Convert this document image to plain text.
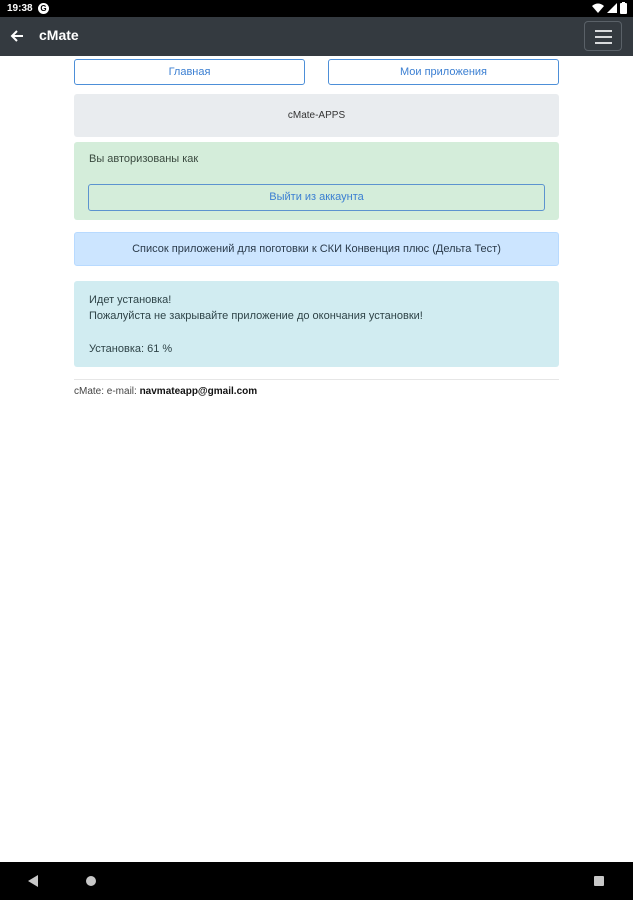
19:38 G
cMate
Главная	Мои приложения
cMate-APPS
Вы авторизованы как
Выйти из аккаунта
Список приложений для поготовки к СКИ Конвенция плюс (Дельта Тест)
Идет установка!
Пожалуйста не закрывайте приложение до окончания установки!
Установка: 61 %
cMate: e-mail: navmateapp@gmail.com
